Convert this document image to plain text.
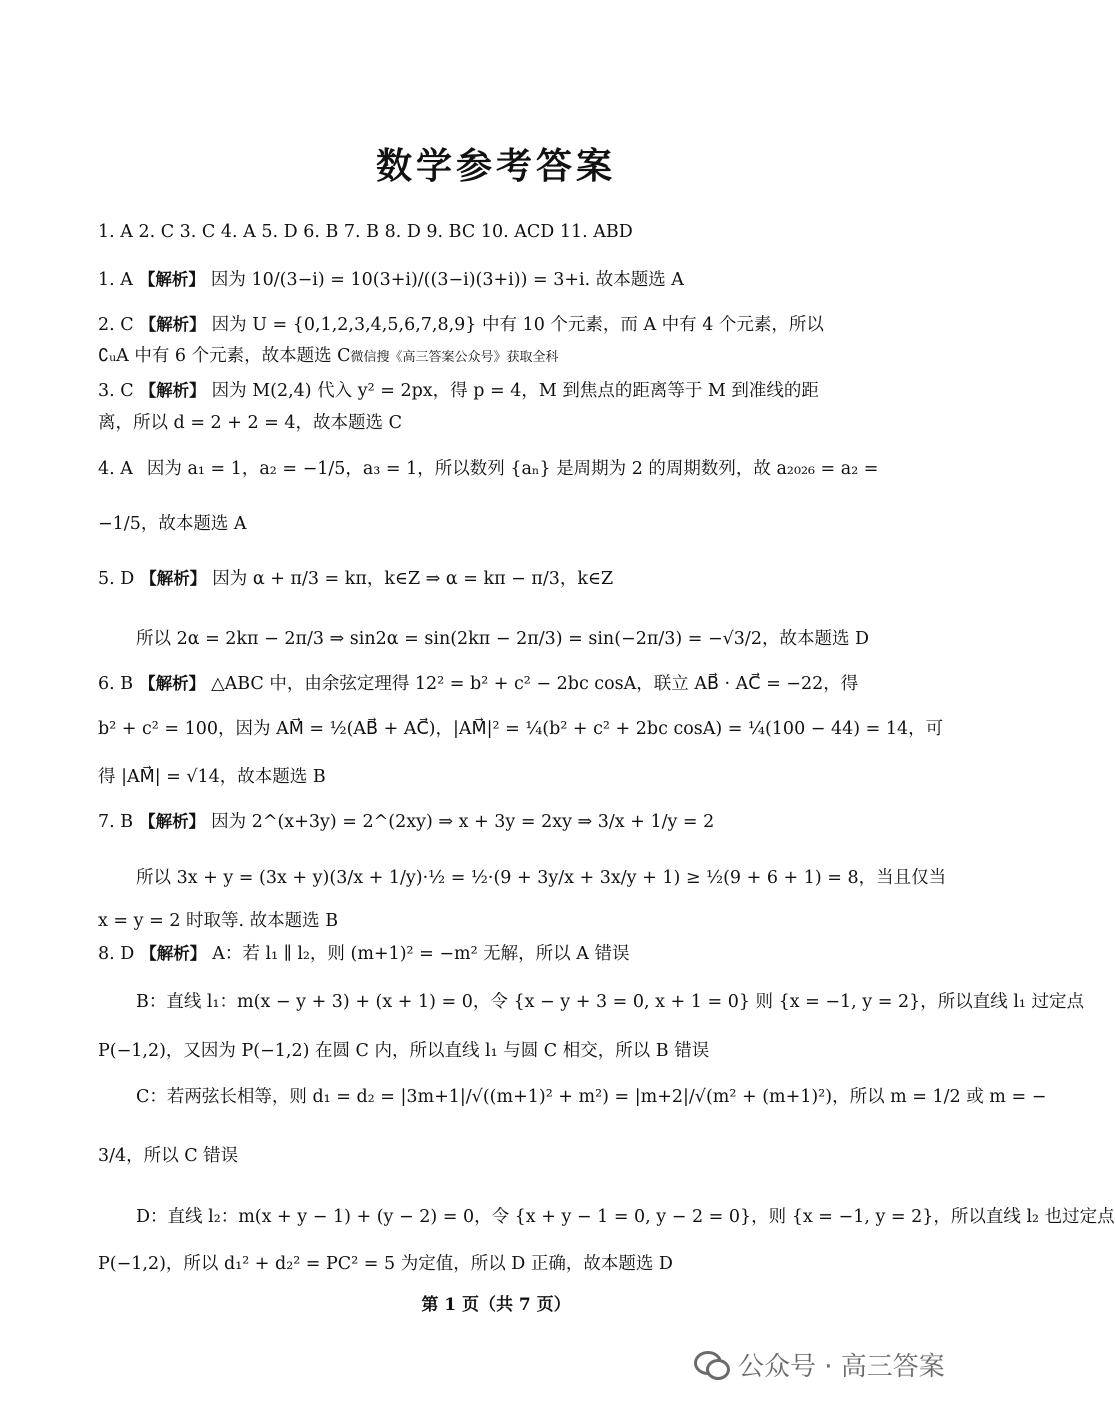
数学参考答案
1. A 2. C 3. C 4. A 5. D 6. B 7. B 8. D 9. BC 10. ACD 11. ABD
1. A 【解析】 因为 10/(3−i) = 10(3+i)/((3−i)(3+i)) = 3+i. 故本题选 A
2. C 【解析】 因为 U = {0,1,2,3,4,5,6,7,8,9} 中有 10 个元素，而 A 中有 4 个元素，所以
∁ᵤA 中有 6 个元素，故本题选 C微信搜《高三答案公众号》获取全科
3. C 【解析】 因为 M(2,4) 代入 y² = 2px，得 p = 4，M 到焦点的距离等于 M 到准线的距
离，所以 d = 2 + 2 = 4，故本题选 C
4. A 因为 a₁ = 1，a₂ = −1/5，a₃ = 1，所以数列 {aₙ} 是周期为 2 的周期数列，故 a₂₀₂₆ = a₂ =
−1/5，故本题选 A
5. D 【解析】 因为 α + π/3 = kπ，k∈Z ⇒ α = kπ − π/3，k∈Z
所以 2α = 2kπ − 2π/3 ⇒ sin2α = sin(2kπ − 2π/3) = sin(−2π/3) = −√3/2，故本题选 D
6. B 【解析】 △ABC 中，由余弦定理得 12² = b² + c² − 2bc cosA，联立 AB⃗ · AC⃗ = −22，得
b² + c² = 100，因为 AM⃗ = ½(AB⃗ + AC⃗)，|AM⃗|² = ¼(b² + c² + 2bc cosA) = ¼(100 − 44) = 14，可
得 |AM⃗| = √14，故本题选 B
7. B 【解析】 因为 2^(x+3y) = 2^(2xy) ⇒ x + 3y = 2xy ⇒ 3/x + 1/y = 2
所以 3x + y = (3x + y)(3/x + 1/y)·½ = ½·(9 + 3y/x + 3x/y + 1) ≥ ½(9 + 6 + 1) = 8，当且仅当
x = y = 2 时取等. 故本题选 B
8. D 【解析】 A：若 l₁ ∥ l₂，则 (m+1)² = −m² 无解，所以 A 错误
B：直线 l₁：m(x − y + 3) + (x + 1) = 0，令 {x − y + 3 = 0, x + 1 = 0} 则 {x = −1, y = 2}，所以直线 l₁ 过定点
P(−1,2)，又因为 P(−1,2) 在圆 C 内，所以直线 l₁ 与圆 C 相交，所以 B 错误
C：若两弦长相等，则 d₁ = d₂ = |3m+1|/√((m+1)² + m²) = |m+2|/√(m² + (m+1)²)，所以 m = 1/2 或 m = −
3/4，所以 C 错误
D：直线 l₂：m(x + y − 1) + (y − 2) = 0，令 {x + y − 1 = 0, y − 2 = 0}，则 {x = −1, y = 2}，所以直线 l₂ 也过定点
P(−1,2)，所以 d₁² + d₂² = PC² = 5 为定值，所以 D 正确，故本题选 D
第 1 页（共 7 页）
公众号 · 高三答案
